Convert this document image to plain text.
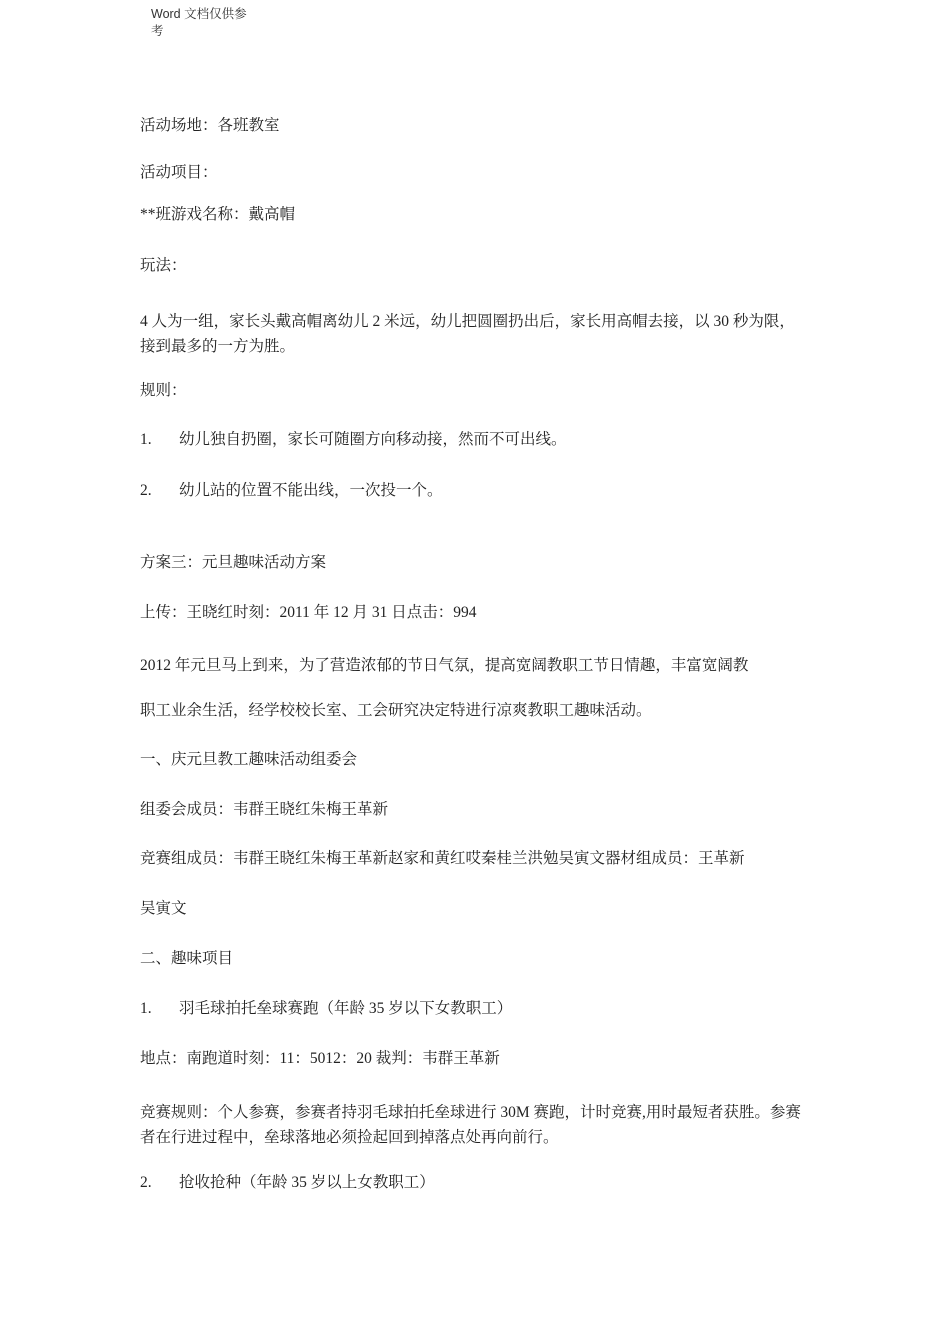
Word 文档仅供参
考
活动场地：各班教室
活动项目：
**班游戏名称：戴高帽
玩法：
4 人为一组，家长头戴高帽离幼儿 2 米远，幼儿把圆圈扔出后，家长用高帽去接，以 30 秒为限，接到最多的一方为胜。
规则：
1. 幼儿独自扔圈，家长可随圈方向移动接，然而不可出线。
2. 幼儿站的位置不能出线，一次投一个。
方案三：元旦趣味活动方案
上传：王晓红时刻：2011 年 12 月 31 日点击：994
2012 年元旦马上到来，为了营造浓郁的节日气氛，提高宽阔教职工节日情趣，丰富宽阔教
职工业余生活，经学校校长室、工会研究决定特进行凉爽教职工趣味活动。
一、庆元旦教工趣味活动组委会
组委会成员：韦群王晓红朱梅王革新
竞赛组成员：韦群王晓红朱梅王革新赵家和黄红哎秦桂兰洪勉吴寅文器材组成员：王革新
吴寅文
二、趣味项目
1. 羽毛球拍托垒球赛跑（年龄 35 岁以下女教职工）
地点：南跑道时刻：11：5012：20 裁判：韦群王革新
竞赛规则：个人参赛，参赛者持羽毛球拍托垒球进行 30M 赛跑，计时竞赛,用时最短者获胜。参赛者在行进过程中，垒球落地必须捡起回到掉落点处再向前行。
2. 抢收抢种（年龄 35 岁以上女教职工）
